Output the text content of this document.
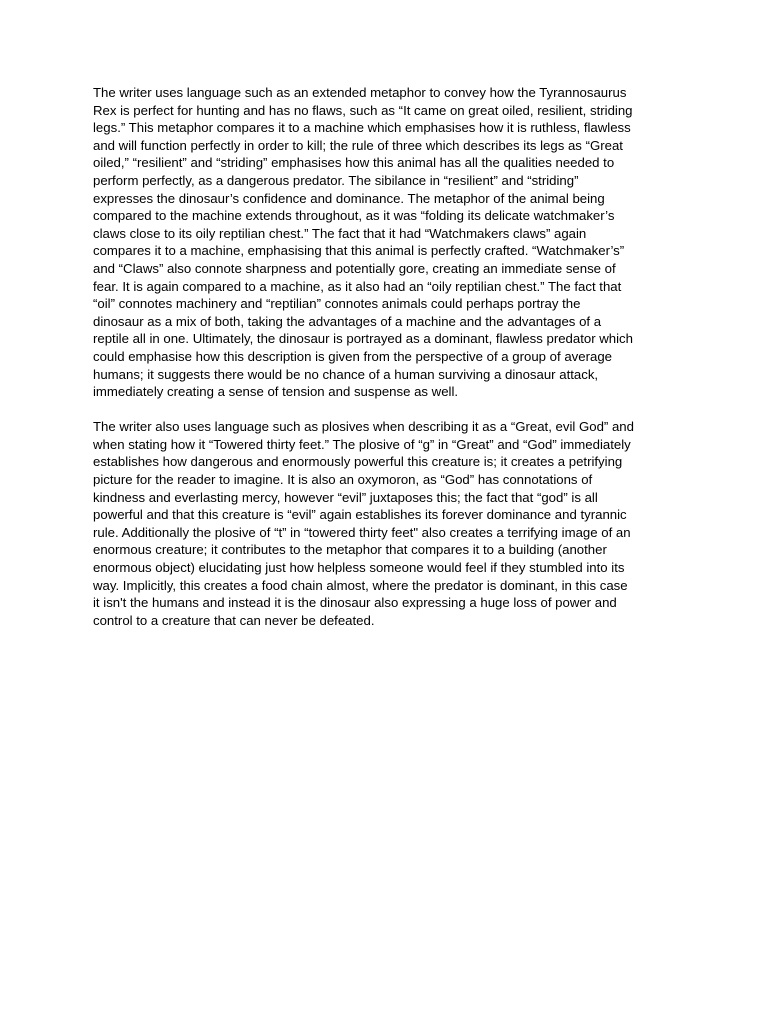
The writer uses language such as an extended metaphor to convey how the Tyrannosaurus
Rex is perfect for hunting and has no flaws, such as “It came on great oiled, resilient, striding
legs.” This metaphor compares it to a machine which emphasises how it is ruthless, flawless
and will function perfectly in order to kill; the rule of three which describes its legs as “Great
oiled,” “resilient” and “striding” emphasises how this animal has all the qualities needed to
perform perfectly, as a dangerous predator. The sibilance in “resilient” and “striding”
expresses the dinosaur’s confidence and dominance. The metaphor of the animal being
compared to the machine extends throughout, as it was “folding its delicate watchmaker’s
claws close to its oily reptilian chest.” The fact that it had “Watchmakers claws” again
compares it to a machine, emphasising that this animal is perfectly crafted. “Watchmaker’s”
and “Claws” also connote sharpness and potentially gore, creating an immediate sense of
fear. It is again compared to a machine, as it also had an “oily reptilian chest.” The fact that
“oil” connotes machinery and “reptilian” connotes animals could perhaps portray the
dinosaur as a mix of both, taking the advantages of a machine and the advantages of a
reptile all in one. Ultimately, the dinosaur is portrayed as a dominant, flawless predator which
could emphasise how this description is given from the perspective of a group of average
humans; it suggests there would be no chance of a human surviving a dinosaur attack,
immediately creating a sense of tension and suspense as well.

The writer also uses language such as plosives when describing it as a “Great, evil God” and
when stating how it “Towered thirty feet.” The plosive of “g” in “Great” and “God” immediately
establishes how dangerous and enormously powerful this creature is; it creates a petrifying
picture for the reader to imagine. It is also an oxymoron, as “God” has connotations of
kindness and everlasting mercy, however “evil” juxtaposes this; the fact that “god” is all
powerful and that this creature is “evil” again establishes its forever dominance and tyrannic
rule. Additionally the plosive of “t” in “towered thirty feet" also creates a terrifying image of an
enormous creature; it contributes to the metaphor that compares it to a building (another
enormous object) elucidating just how helpless someone would feel if they stumbled into its
way. Implicitly, this creates a food chain almost, where the predator is dominant, in this case
it isn't the humans and instead it is the dinosaur also expressing a huge loss of power and
control to a creature that can never be defeated.
